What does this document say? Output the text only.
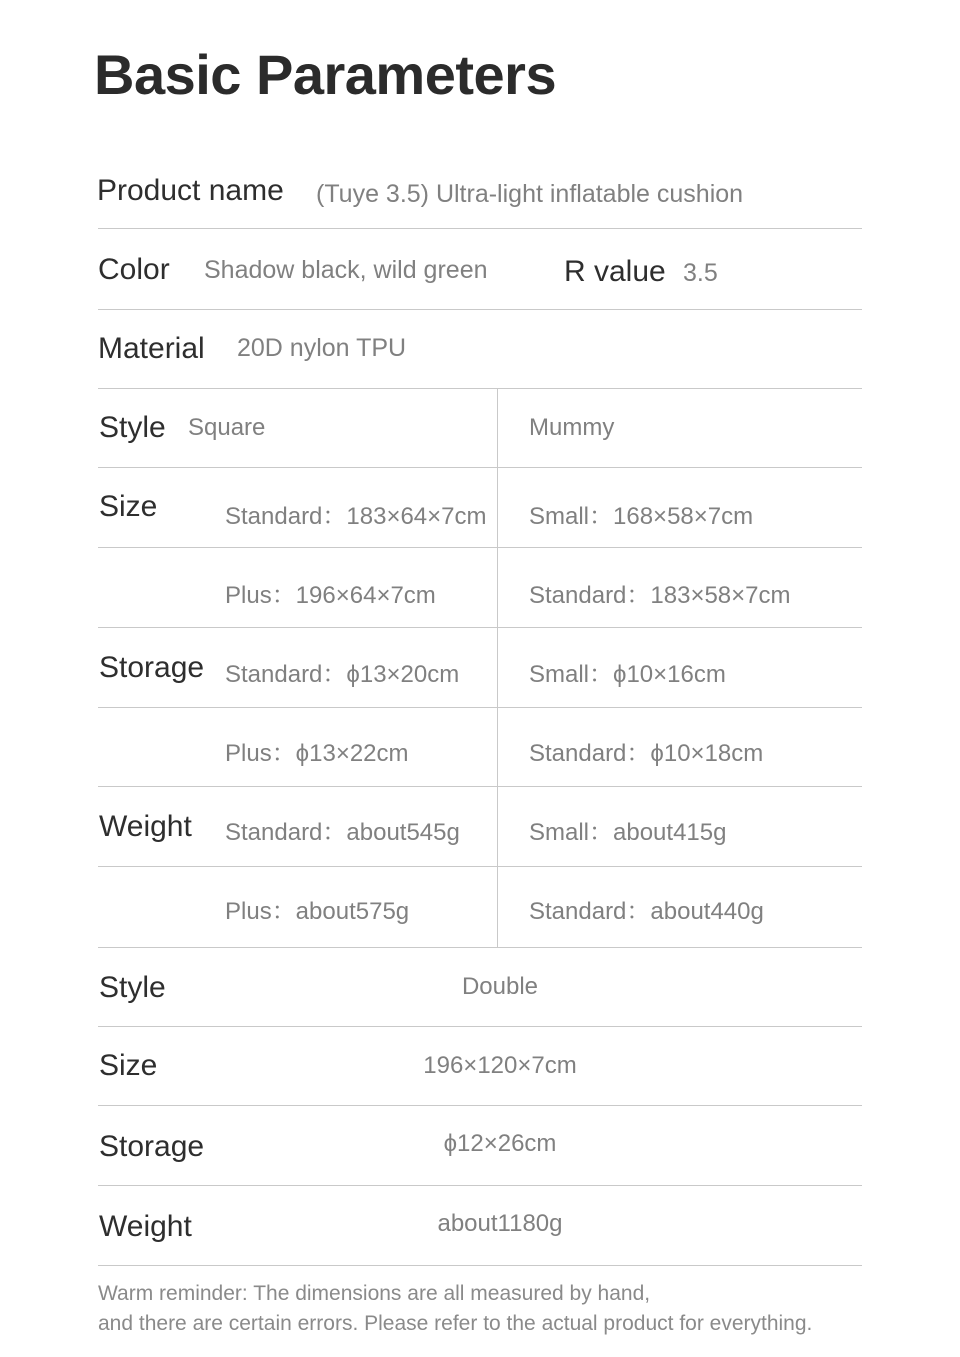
Basic Parameters
Product name (Tuye 3.5) Ultra-light inflatable cushion
Color Shadow black, wild green	R value 3.5
Material 20D nylon TPU
Style Square	Mummy
Size	Standard：183×64×7cm Small：168×58×7cm
Plus：196×64×7cm	Standard：183×58×7cm
Storage Standard：ϕ13×20cm	Small：ϕ10×16cm
Plus：ϕ13×22cm	Standard：ϕ10×18cm
Weight Standard：about545g	Small：about415g
Plus：about575g	Standard：about440g
Style	Double
Size	196×120×7cm
Storage	ϕ12×26cm
Weight	about1180g
Warm reminder: The dimensions are all measured by hand,
and there are certain errors. Please refer to the actual product for everything.
